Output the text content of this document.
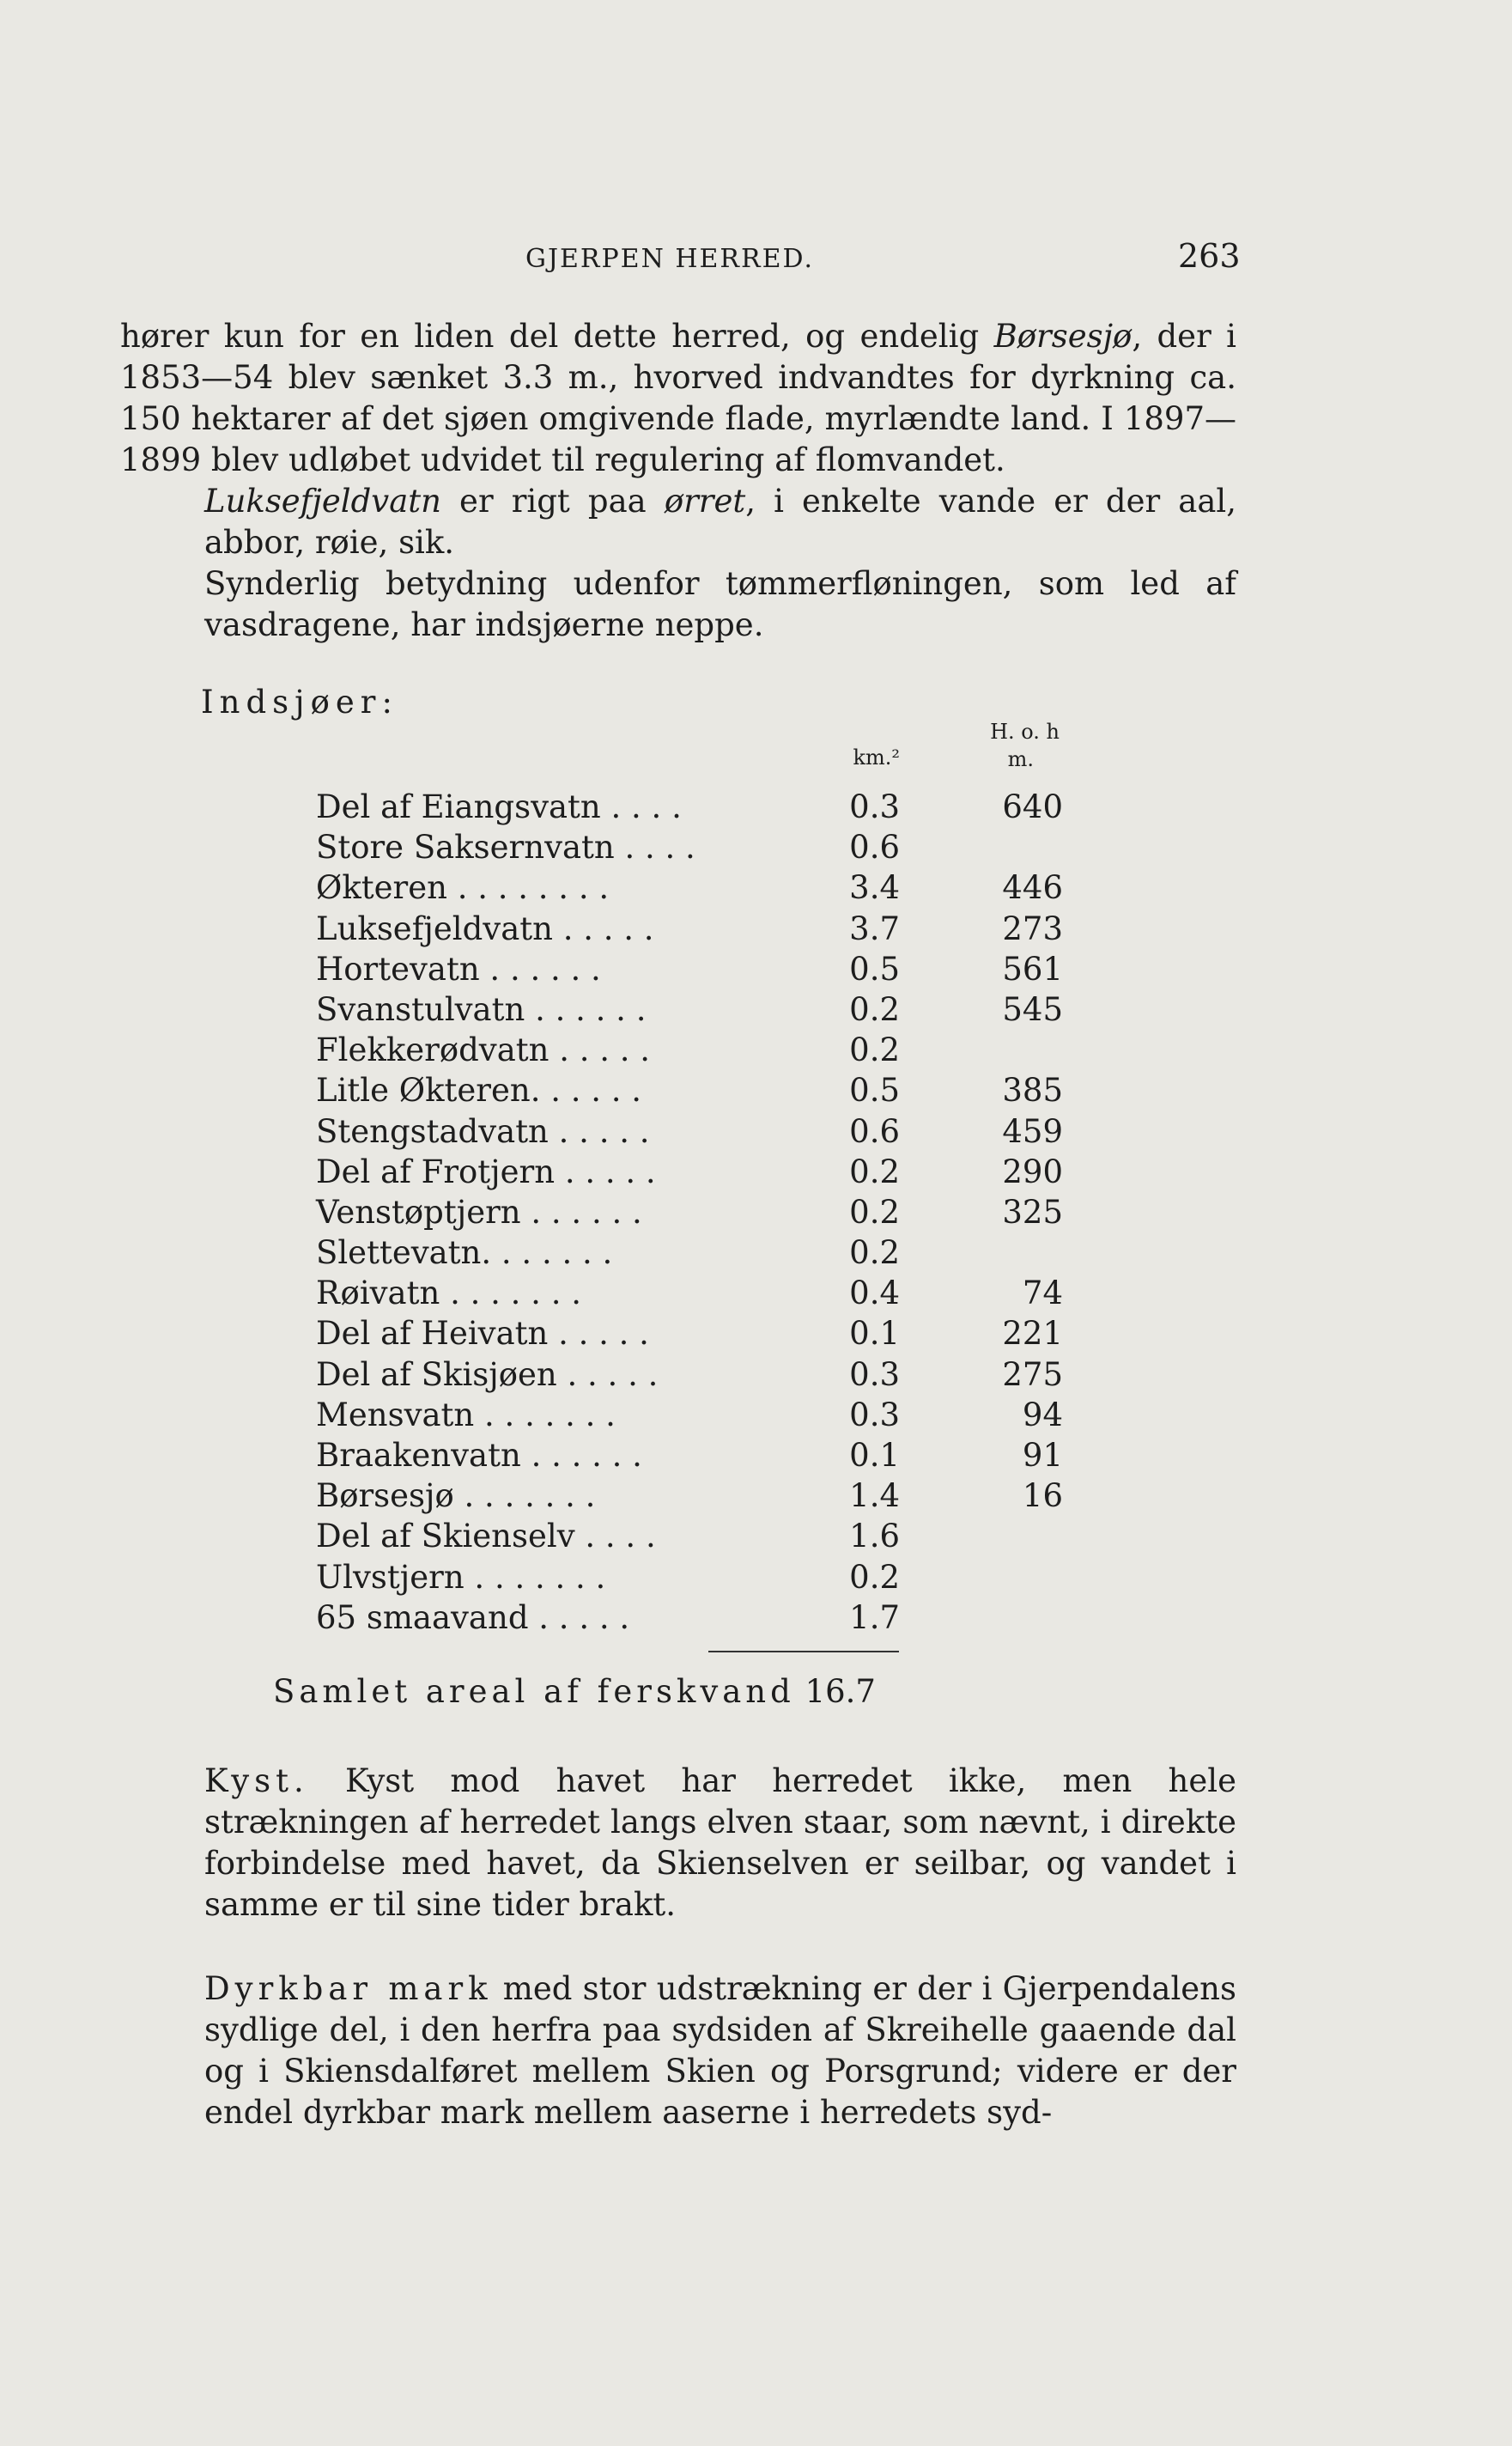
GJERPEN HERRED.	263

hører kun for en liden del dette herred, og endelig Børsesjø, der i 1853—54 blev sænket 3.3 m., hvorved indvandtes for dyrkning ca. 150 hektarer af det sjøen omgivende flade, myrlændte land. I 1897—1899 blev udløbet udvidet til regulering af flomvandet.

Luksefjeldvatn er rigt paa ørret, i enkelte vande er der aal, abbor, røie, sik.

Synderlig betydning udenfor tømmerfløningen, som led af vasdragene, har indsjøerne neppe.

Indsjøer:
H. o. h
km.²	m.
Del af Eiangsvatn . . . .	0.3	640
Store Saksernvatn . . . .	0.6
Økteren . . . . . . . .	3.4	446
Luksefjeldvatn . . . . .	3.7	273
Hortevatn . . . . . .	0.5	561
Svanstulvatn . . . . . .	0.2	545
Flekkerødvatn . . . . .	0.2
Litle Økteren. . . . . .	0.5	385
Stengstadvatn . . . . .	0.6	459
Del af Frotjern . . . . .	0.2	290
Venstøptjern . . . . . .	0.2	325
Slettevatn. . . . . . .	0.2
Røivatn . . . . . . .	0.4	74
Del af Heivatn . . . . .	0.1	221
Del af Skisjøen . . . . .	0.3	275
Mensvatn . . . . . . .	0.3	94
Braakenvatn . . . . . .	0.1	91
Børsesjø . . . . . . .	1.4	16
Del af Skienselv . . . .	1.6
Ulvstjern . . . . . . .	0.2
65 smaavand . . . . .	1.7
Samlet areal af ferskvand 16.7

Kyst. Kyst mod havet har herredet ikke, men hele strækningen af herredet langs elven staar, som nævnt, i direkte forbindelse med havet, da Skienselven er seilbar, og vandet i samme er til sine tider brakt.

Dyrkbar mark med stor udstrækning er der i Gjerpendalens sydlige del, i den herfra paa sydsiden af Skreihelle gaaende dal og i Skiensdalføret mellem Skien og Porsgrund; videre er der endel dyrkbar mark mellem aaserne i herredets syd-
